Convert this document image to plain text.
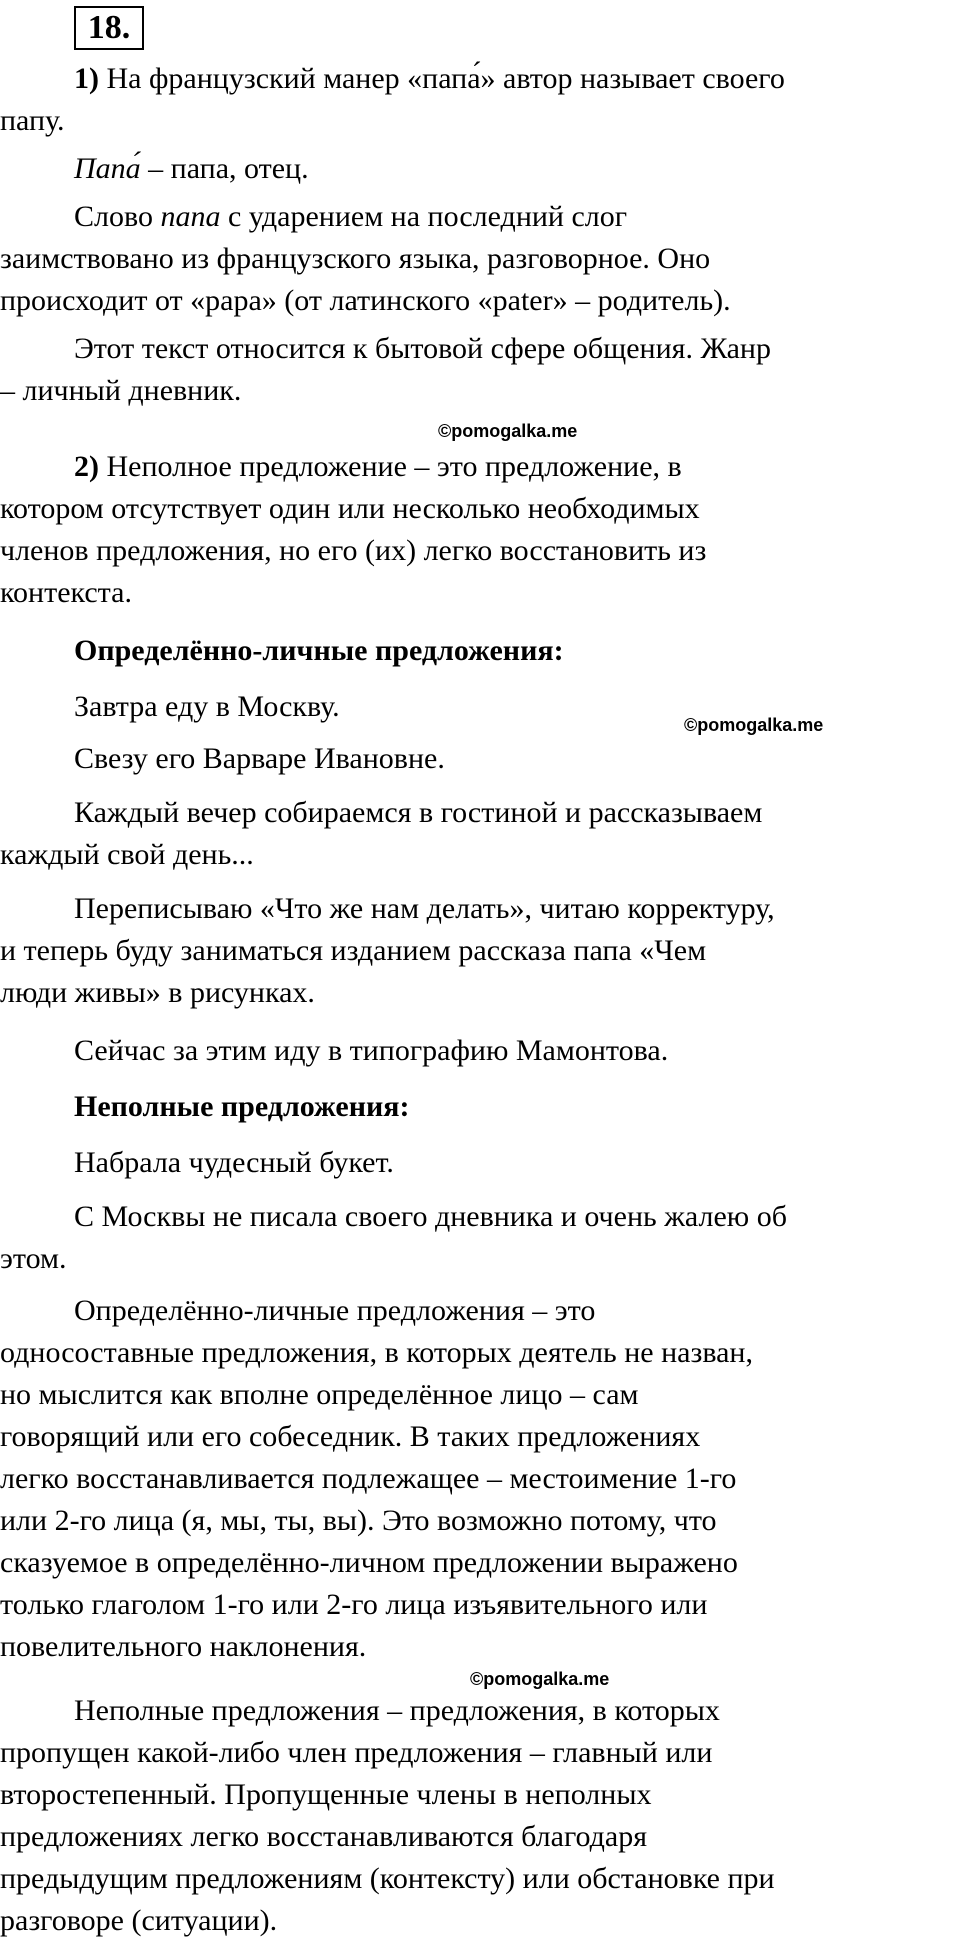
18.

1) На французский манер «папа́» автор называет своего

папу.

Папа́ – папа, отец.

Слово папа с ударением на последний слог

заимствовано из французского языка, разговорное. Оно

происходит от «papa» (от латинского «pater» – родитель).

Этот текст относится к бытовой сфере общения. Жанр

– личный дневник.

©pomogalka.me

2) Неполное предложение – это предложение, в

котором отсутствует один или несколько необходимых

членов предложения, но его (их) легко восстановить из

контекста.

Определённо-личные предложения:

Завтра еду в Москву.

©pomogalka.me

Свезу его Варваре Ивановне.

Каждый вечер собираемся в гостиной и рассказываем

каждый свой день...

Переписываю «Что же нам делать», читаю корректуру,

и теперь буду заниматься изданием рассказа папа «Чем

люди живы» в рисунках.

Сейчас за этим иду в типографию Мамонтова.

Неполные предложения:

Набрала чудесный букет.

С Москвы не писала своего дневника и очень жалею об

этом.

Определённо-личные предложения – это

односоставные предложения, в которых деятель не назван,

но мыслится как вполне определённое лицо – сам

говорящий или его собеседник. В таких предложениях

легко восстанавливается подлежащее – местоимение 1-го

или 2-го лица (я, мы, ты, вы). Это возможно потому, что

сказуемое в определённо-личном предложении выражено

только глаголом 1-го или 2-го лица изъявительного или

повелительного наклонения.

©pomogalka.me

Неполные предложения – предложения, в которых

пропущен какой-либо член предложения – главный или

второстепенный. Пропущенные члены в неполных

предложениях легко восстанавливаются благодаря

предыдущим предложениям (контексту) или обстановке при

разговоре (ситуации).
